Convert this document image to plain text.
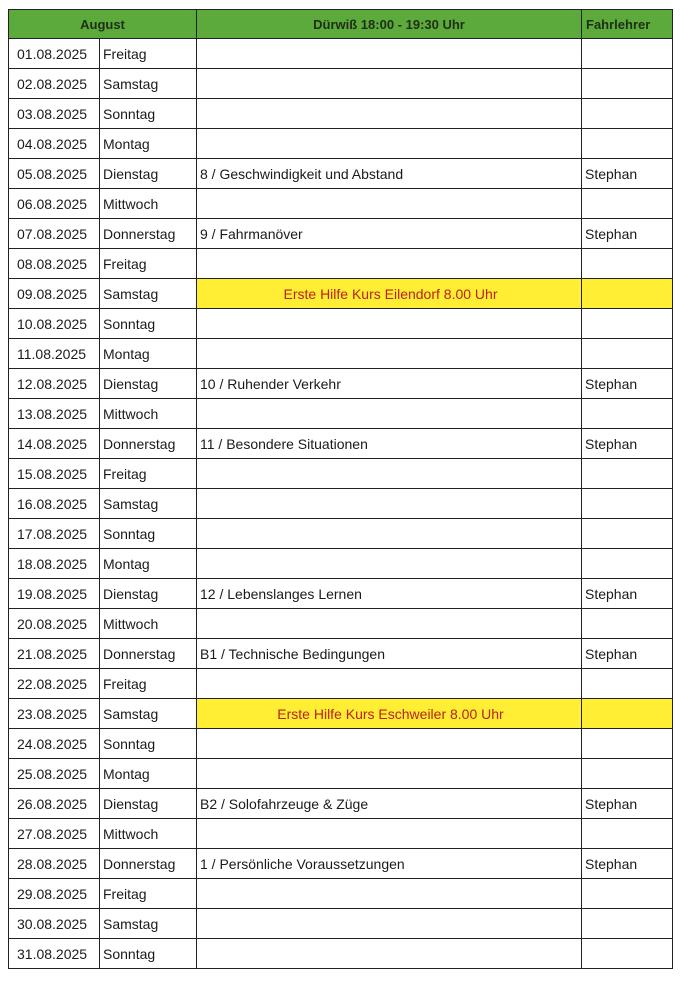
August		Dürwiß 18:00 - 19:30 Uhr	Fahrlehrer
01.08.2025	Freitag		
02.08.2025	Samstag		
03.08.2025	Sonntag		
04.08.2025	Montag		
05.08.2025	Dienstag	8 / Geschwindigkeit und Abstand	Stephan
06.08.2025	Mittwoch		
07.08.2025	Donnerstag	9 / Fahrmanöver	Stephan
08.08.2025	Freitag		
09.08.2025	Samstag	Erste Hilfe Kurs Eilendorf 8.00 Uhr	
10.08.2025	Sonntag		
11.08.2025	Montag		
12.08.2025	Dienstag	10 / Ruhender Verkehr	Stephan
13.08.2025	Mittwoch		
14.08.2025	Donnerstag	11 / Besondere Situationen	Stephan
15.08.2025	Freitag		
16.08.2025	Samstag		
17.08.2025	Sonntag		
18.08.2025	Montag		
19.08.2025	Dienstag	12 / Lebenslanges Lernen	Stephan
20.08.2025	Mittwoch		
21.08.2025	Donnerstag	B1 / Technische Bedingungen	Stephan
22.08.2025	Freitag		
23.08.2025	Samstag	Erste Hilfe Kurs Eschweiler 8.00 Uhr	
24.08.2025	Sonntag		
25.08.2025	Montag		
26.08.2025	Dienstag	B2 / Solofahrzeuge & Züge	Stephan
27.08.2025	Mittwoch		
28.08.2025	Donnerstag	1 / Persönliche Voraussetzungen	Stephan
29.08.2025	Freitag		
30.08.2025	Samstag		
31.08.2025	Sonntag		
